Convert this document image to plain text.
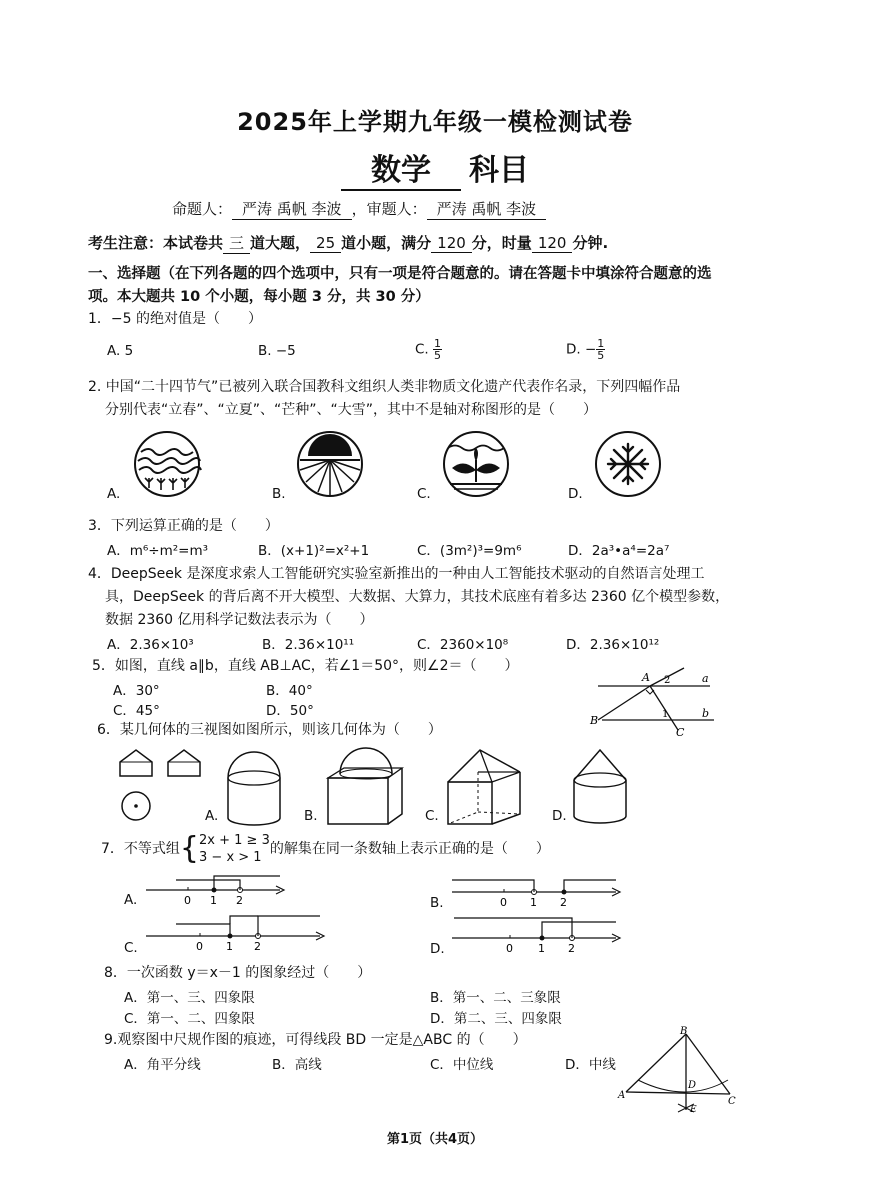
2025年上学期九年级一模检测试卷
数学 科目
命题人： 严涛 禹帆 李波 ，审题人： 严涛 禹帆 李波
考生注意：本试卷共 三 道大题， 25 道小题，满分 120 分，时量 120 分钟.
一、选择题（在下列各题的四个选项中，只有一项是符合题意的。请在答题卡中填涂符合题意的选
项。本大题共 10 个小题，每小题 3 分，共 30 分）
1．−5 的绝对值是（　　）
A. 5	B. −5	C. $\frac{1}{5}$	D. − $\frac{1}{5}$
2. 中国“二十四节气”已被列入联合国教科文组织人类非物质文化遗产代表作名录，下列四幅作品
分别代表“立春”、“立夏”、“芒种”、“大雪”，其中不是轴对称图形的是（　　）
A.	B.	C.	D.
3．下列运算正确的是（　　）
A．m⁶÷m²=m³	B．(x+1)²=x²+1	C．(3m²)³=9m⁶	D．2a³•a⁴=2a⁷
4．DeepSeek 是深度求索人工智能研究实验室新推出的一种由人工智能技术驱动的自然语言处理工
具，DeepSeek 的背后离不开大模型、大数据、大算力，其技术底座有着多达 2360 亿个模型参数，
数据 2360 亿用科学记数法表示为（　　）
A．2.36×10³	B．2.36×10¹¹	C．2360×10⁸	D．2.36×10¹²
5．如图，直线 a∥b，直线 AB⊥AC，若∠1＝50°，则∠2＝（　　）
A．30°	B．40°
C．45°	D．50°
A
B
C
a
b
1
2
6．某几何体的三视图如图所示，则该几何体为（　　）
A.	B.	C.	D.
7．不等式组{ 2x + 1 ≥ 3
3 − x > 1
的解集在同一条数轴上表示正确的是（　　）
A.	0 1 2	B.	0 1 2
C.	0 1 2	D.	0 1 2
8．一次函数 y＝x－1 的图象经过（　　）
A．第一、三、四象限	B．第一、二、三象限
C．第一、二、四象限	D．第二、三、四象限
9.观察图中尺规作图的痕迹，可得线段 BD 一定是△ABC 的（　　）
A．角平分线	B．高线	C．中位线	D．中线
B
A
C
D
E
第1页（共4页）
